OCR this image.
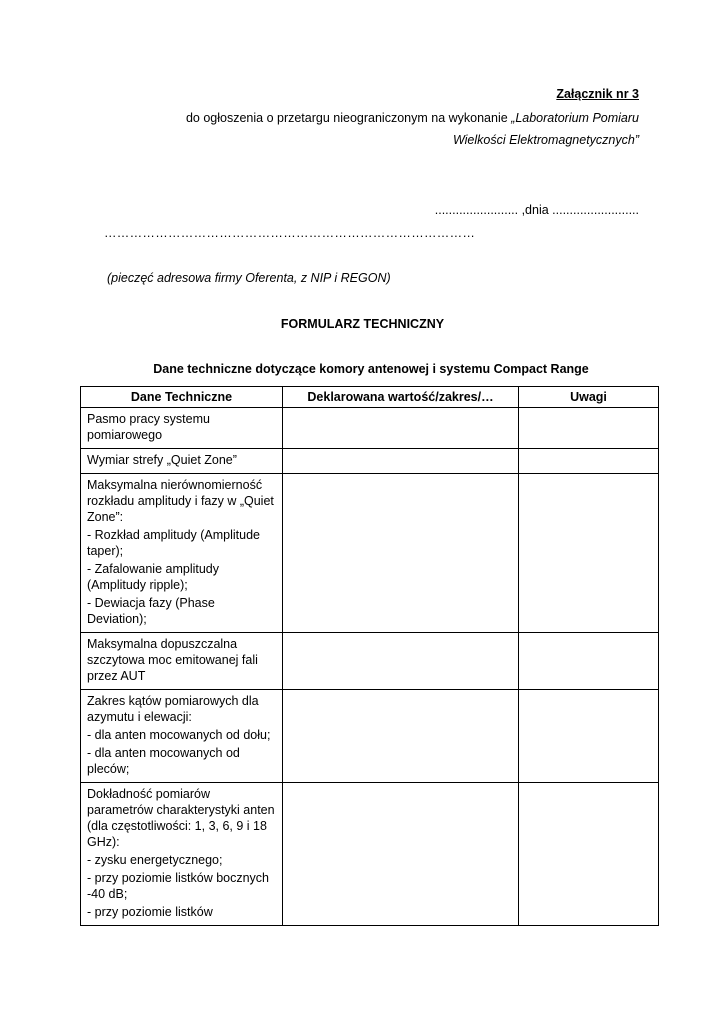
Załącznik nr 3
do ogłoszenia o przetargu nieograniczonym na wykonanie „Laboratorium Pomiaru
Wielkości Elektromagnetycznych”
........................ ,dnia .........................
……………………………………………………………………………
(pieczęć adresowa firmy Oferenta, z NIP i REGON)
FORMULARZ TECHNICZNY
Dane techniczne dotyczące komory antenowej i systemu Compact Range
Dane Techniczne	Deklarowana wartość/zakres/…	Uwagi

Pasmo pracy systemu pomiarowego		

Wymiar strefy „Quiet Zone”		

Maksymalna nierównomierność rozkładu amplitudy i fazy w „Quiet Zone”:
- Rozkład amplitudy (Amplitude taper);
- Zafalowanie amplitudy (Amplitudy ripple);
- Dewiacja fazy (Phase Deviation);		

Maksymalna dopuszczalna szczytowa moc emitowanej fali przez AUT		

Zakres kątów pomiarowych dla azymutu i elewacji:
- dla anten mocowanych od dołu;
- dla anten mocowanych od pleców;		

Dokładność pomiarów parametrów charakterystyki anten (dla częstotliwości: 1, 3, 6, 9 i 18 GHz):
- zysku energetycznego;
- przy poziomie listków bocznych -40 dB;
- przy poziomie listków		
